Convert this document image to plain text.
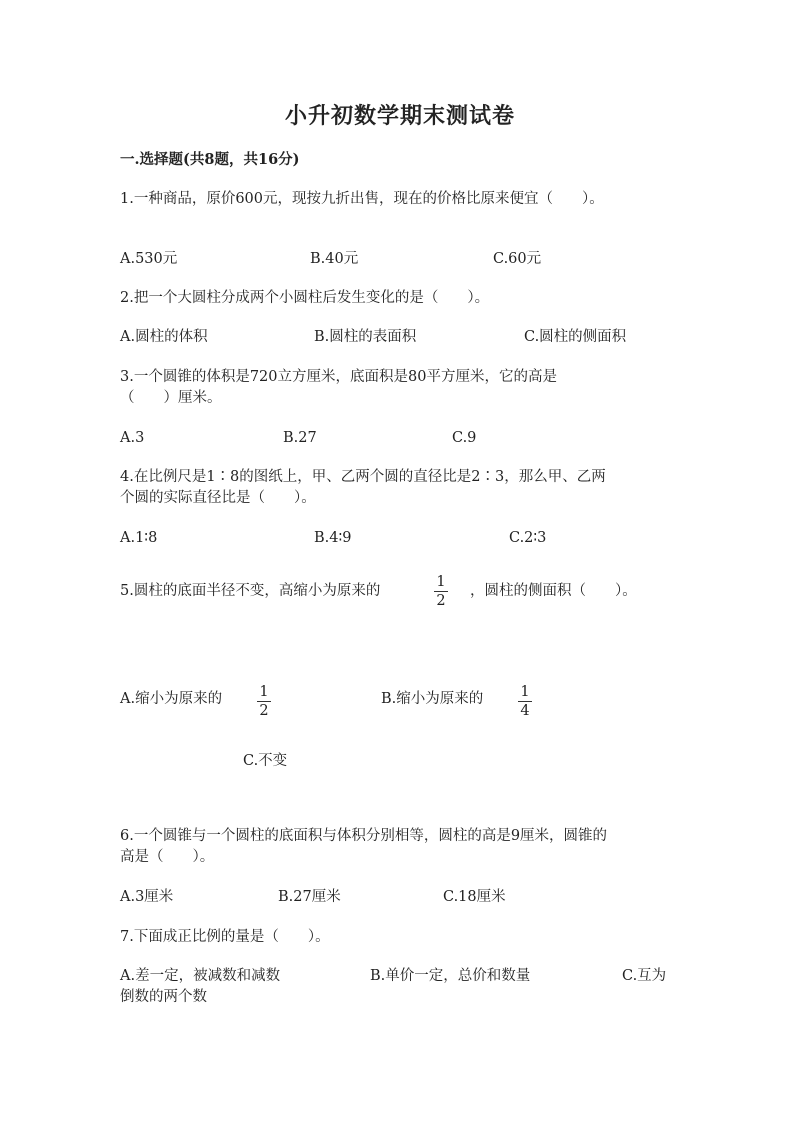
小升初数学期末测试卷
一.选择题(共8题，共16分)
1.一种商品，原价600元，现按九折出售，现在的价格比原来便宜（　　）。
A.530元	B.40元	C.60元
2.把一个大圆柱分成两个小圆柱后发生变化的是（　　）。
A.圆柱的体积	B.圆柱的表面积	C.圆柱的侧面积
3.一个圆锥的体积是720立方厘米，底面积是80平方厘米，它的高是
（　　）厘米。
A.3	B.27	C.9
4.在比例尺是1∶8的图纸上，甲、乙两个圆的直径比是2∶3，那么甲、乙两
个圆的实际直径比是（　　）。
A.1∶8	B.4∶9	C.2∶3
5.圆柱的底面半径不变，高缩小为原来的
1
2
，圆柱的侧面积（　　）。
A.缩小为原来的	1
2
B.缩小为原来的	1
4
C.不变
6.一个圆锥与一个圆柱的底面积与体积分别相等，圆柱的高是9厘米，圆锥的
高是（　　）。
A.3厘米	B.27厘米	C.18厘米
7.下面成正比例的量是（　　）。
A.差一定，被减数和减数	B.单价一定，总价和数量	C.互为
倒数的两个数
